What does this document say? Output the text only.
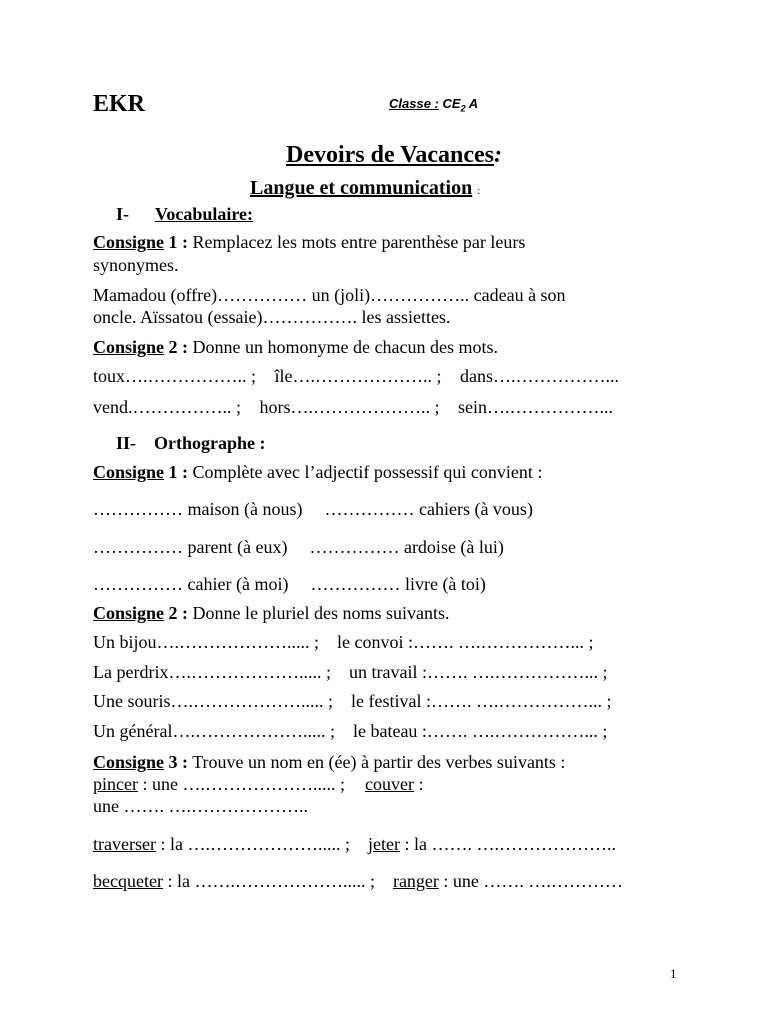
EKR	Classe : $CE_2$ A
Devoirs de Vacances:
Langue et communication :
I- Vocabulaire:
Consigne 1 : Remplacez les mots entre parenthèse par leurs
synonymes.
Mamadou (offre)…………… un (joli)…………….. cadeau à son
oncle. Aïssatou (essaie)……………. les assiettes.
Consigne 2 : Donne un homonyme de chacun des mots.
toux….…………….. ; île….……………….. ; dans….……………...
vend.…………….. ; hors….……………….. ; sein….……………...
II- Orthographe :
Consigne 1 : Complète avec l’adjectif possessif qui convient :
…………… maison (à nous) …………… cahiers (à vous)
…………… parent (à eux) …………… ardoise (à lui)
…………… cahier (à moi) …………… livre (à toi)
Consigne 2 : Donne le pluriel des noms suivants.
Un bijou….………………..... ; le convoi :……. ….……………... ;
La perdrix….………………..... ; un travail :……. ….……………... ;
Une souris….………………..... ; le festival :……. ….……………... ;
Un général….………………..... ; le bateau :……. ….……………... ;
Consigne 3 : Trouve un nom en (ée) à partir des verbes suivants :
pincer : une ….………………..... ; couver :
une ……. ….………………..
traverser : la ….………………..... ; jeter : la ……. ….………………..
becqueter : la …….………………..... ; ranger : une ……. ….…………
1
